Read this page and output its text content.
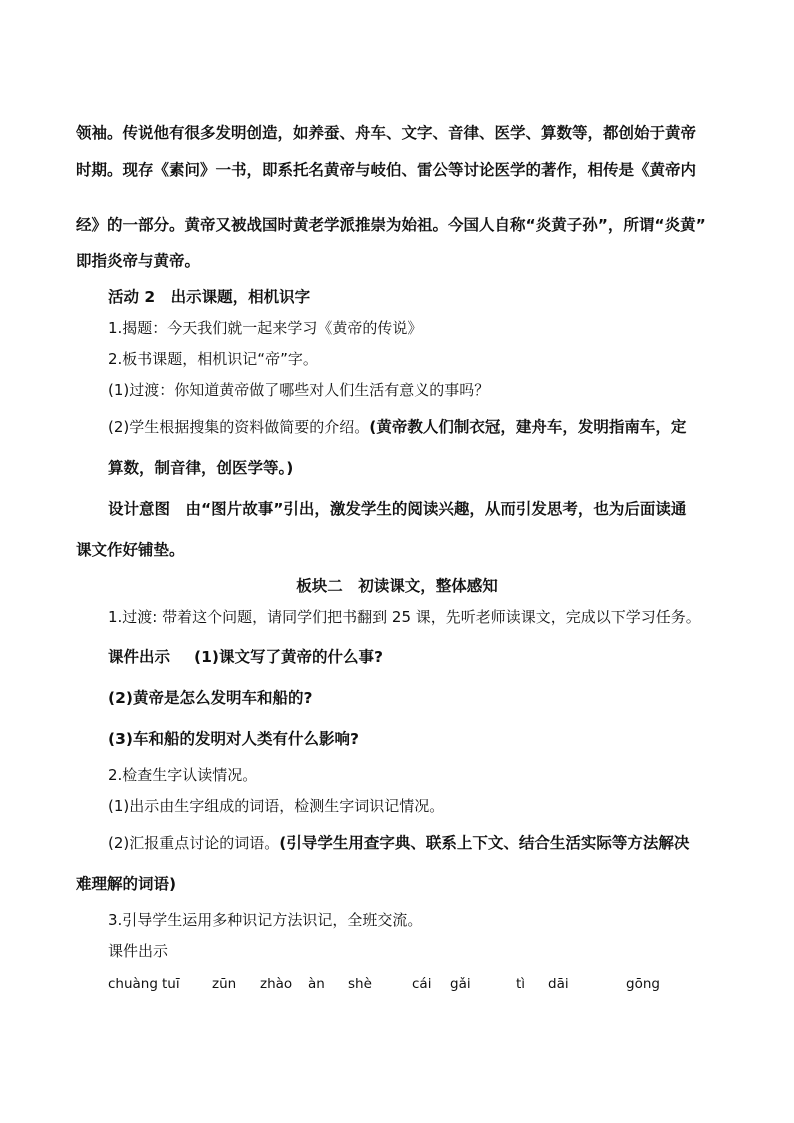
领袖。传说他有很多发明创造，如养蚕、舟车、文字、音律、医学、算数等，都创始于黄帝
时期。现存《素问》一书，即系托名黄帝与岐伯、雷公等讨论医学的著作，相传是《黄帝内
经》的一部分。黄帝又被战国时黄老学派推崇为始祖。今国人自称“炎黄子孙”，所谓“炎黄”
即指炎帝与黄帝。
活动 2　出示课题，相机识字
1.揭题：今天我们就一起来学习《黄帝的传说》
2.板书课题，相机识记“帝”字。
(1)过渡：你知道黄帝做了哪些对人们生活有意义的事吗？
(2)学生根据搜集的资料做简要的介绍。(黄帝教人们制衣冠，建舟车，发明指南车，定
算数，制音律，创医学等。)
设计意图　由“图片故事”引出，激发学生的阅读兴趣，从而引发思考，也为后面读通
课文作好铺垫。
板块二　初读课文，整体感知
1.过渡: 带着这个问题，请同学们把书翻到 25 课，先听老师读课文，完成以下学习任务。
课件出示 (1)课文写了黄帝的什么事?
(2)黄帝是怎么发明车和船的?
(3)车和船的发明对人类有什么影响?
2.检查生字认读情况。
(1)出示由生字组成的词语，检测生字词识记情况。
(2)汇报重点讨论的词语。(引导学生用查字典、联系上下文、结合生活实际等方法解决
难理解的词语)
3.引导学生运用多种识记方法识记，全班交流。
课件出示
chuàng tuī zūn zhào àn shè	cái gǎi	tì dāi	gōng
